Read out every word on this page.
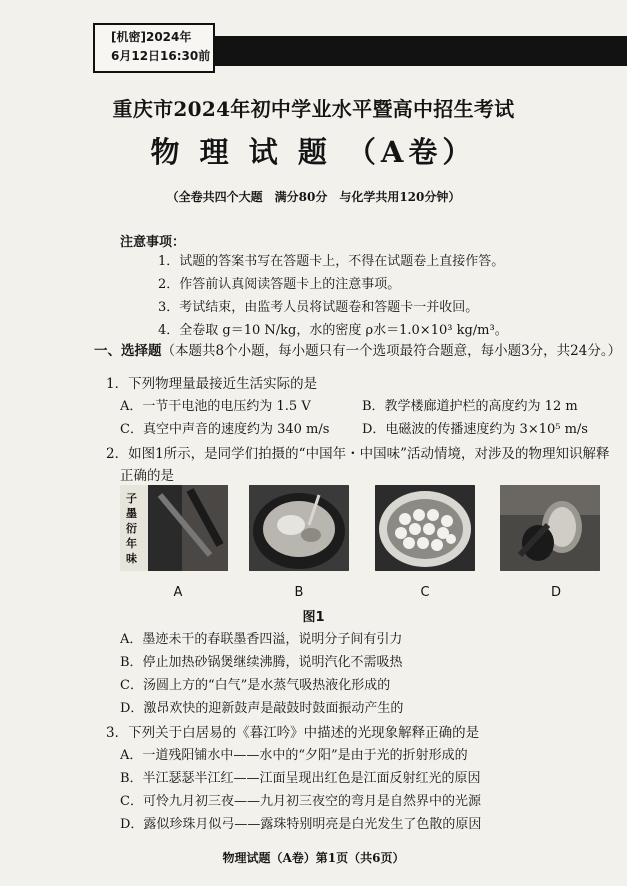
[机密]2024年
6月12日16:30前
重庆市2024年初中学业水平暨高中招生考试
物 理 试 题 （A卷）
（全卷共四个大题　满分80分　与化学共用120分钟）
注意事项：
1．试题的答案书写在答题卡上，不得在试题卷上直接作答。
2．作答前认真阅读答题卡上的注意事项。
3．考试结束，由监考人员将试题卷和答题卡一并收回。
4．全卷取 g＝10 N/kg，水的密度 ρ水＝1.0×10³ kg/m³。
一、选择题（本题共8个小题，每小题只有一个选项最符合题意，每小题3分，共24分。）
1．下列物理量最接近生活实际的是
A．一节干电池的电压约为 1.5 V	B．教学楼廊道护栏的高度约为 12 m
C．真空中声音的速度约为 340 m/s	D．电磁波的传播速度约为 3×10⁵ m/s
2．如图1所示，是同学们拍摄的“中国年・中国味”活动情境，对涉及的物理知识解释
正确的是
子
墨
衍
年
味
A	B	C	D
图1
A．墨迹未干的春联墨香四溢，说明分子间有引力
B．停止加热砂锅煲继续沸腾，说明汽化不需吸热
C．汤圆上方的“白气”是水蒸气吸热液化形成的
D．激昂欢快的迎新鼓声是敲鼓时鼓面振动产生的
3．下列关于白居易的《暮江吟》中描述的光现象解释正确的是
A．一道残阳铺水中——水中的“夕阳”是由于光的折射形成的
B．半江瑟瑟半江红——江面呈现出红色是江面反射红光的原因
C．可怜九月初三夜——九月初三夜空的弯月是自然界中的光源
D．露似珍珠月似弓——露珠特别明亮是白光发生了色散的原因
物理试题（A卷）第1页（共6页）
